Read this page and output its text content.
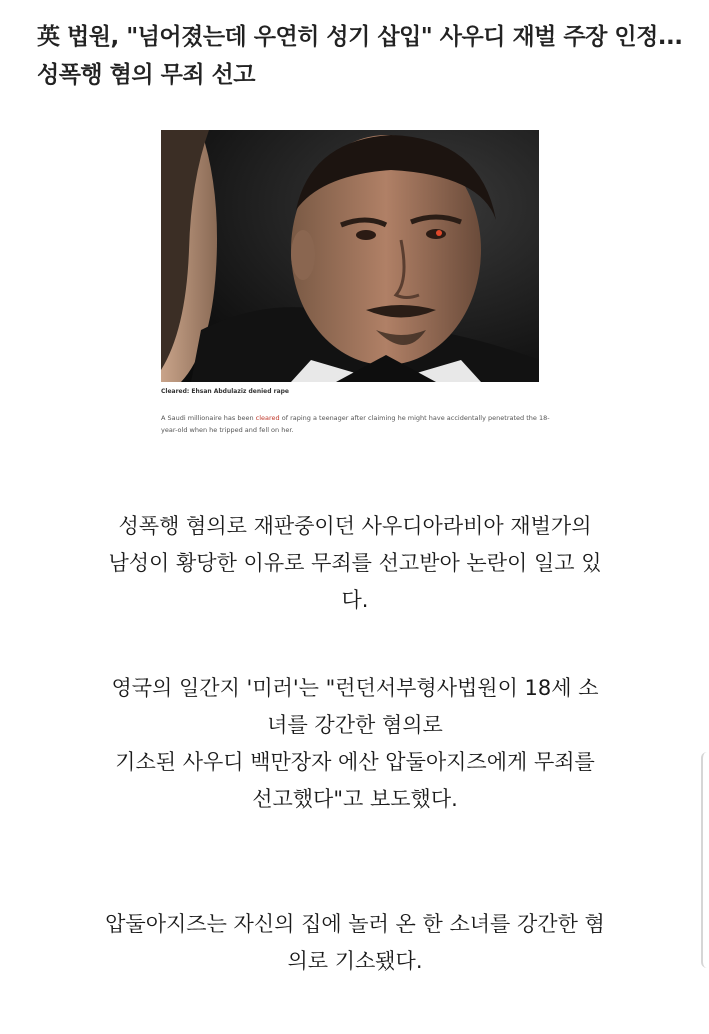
英 법원, "넘어졌는데 우연히 성기 삽입" 사우디 재벌 주장 인정...성폭행 혐의 무죄 선고
Cleared: Ehsan Abdulaziz denied rape
A Saudi millionaire has been cleared of raping a teenager after claiming he might have accidentally penetrated the 18-year-old when he tripped and fell on her.

성폭행 혐의로 재판중이던 사우디아라비아 재벌가의
남성이 황당한 이유로 무죄를 선고받아 논란이 일고 있
다.

영국의 일간지 '미러'는 "런던서부형사법원이 18세 소
녀를 강간한 혐의로
기소된 사우디 백만장자 에산 압둘아지즈에게 무죄를
선고했다"고 보도했다.

압둘아지즈는 자신의 집에 놀러 온 한 소녀를 강간한 혐
의로 기소됐다.
